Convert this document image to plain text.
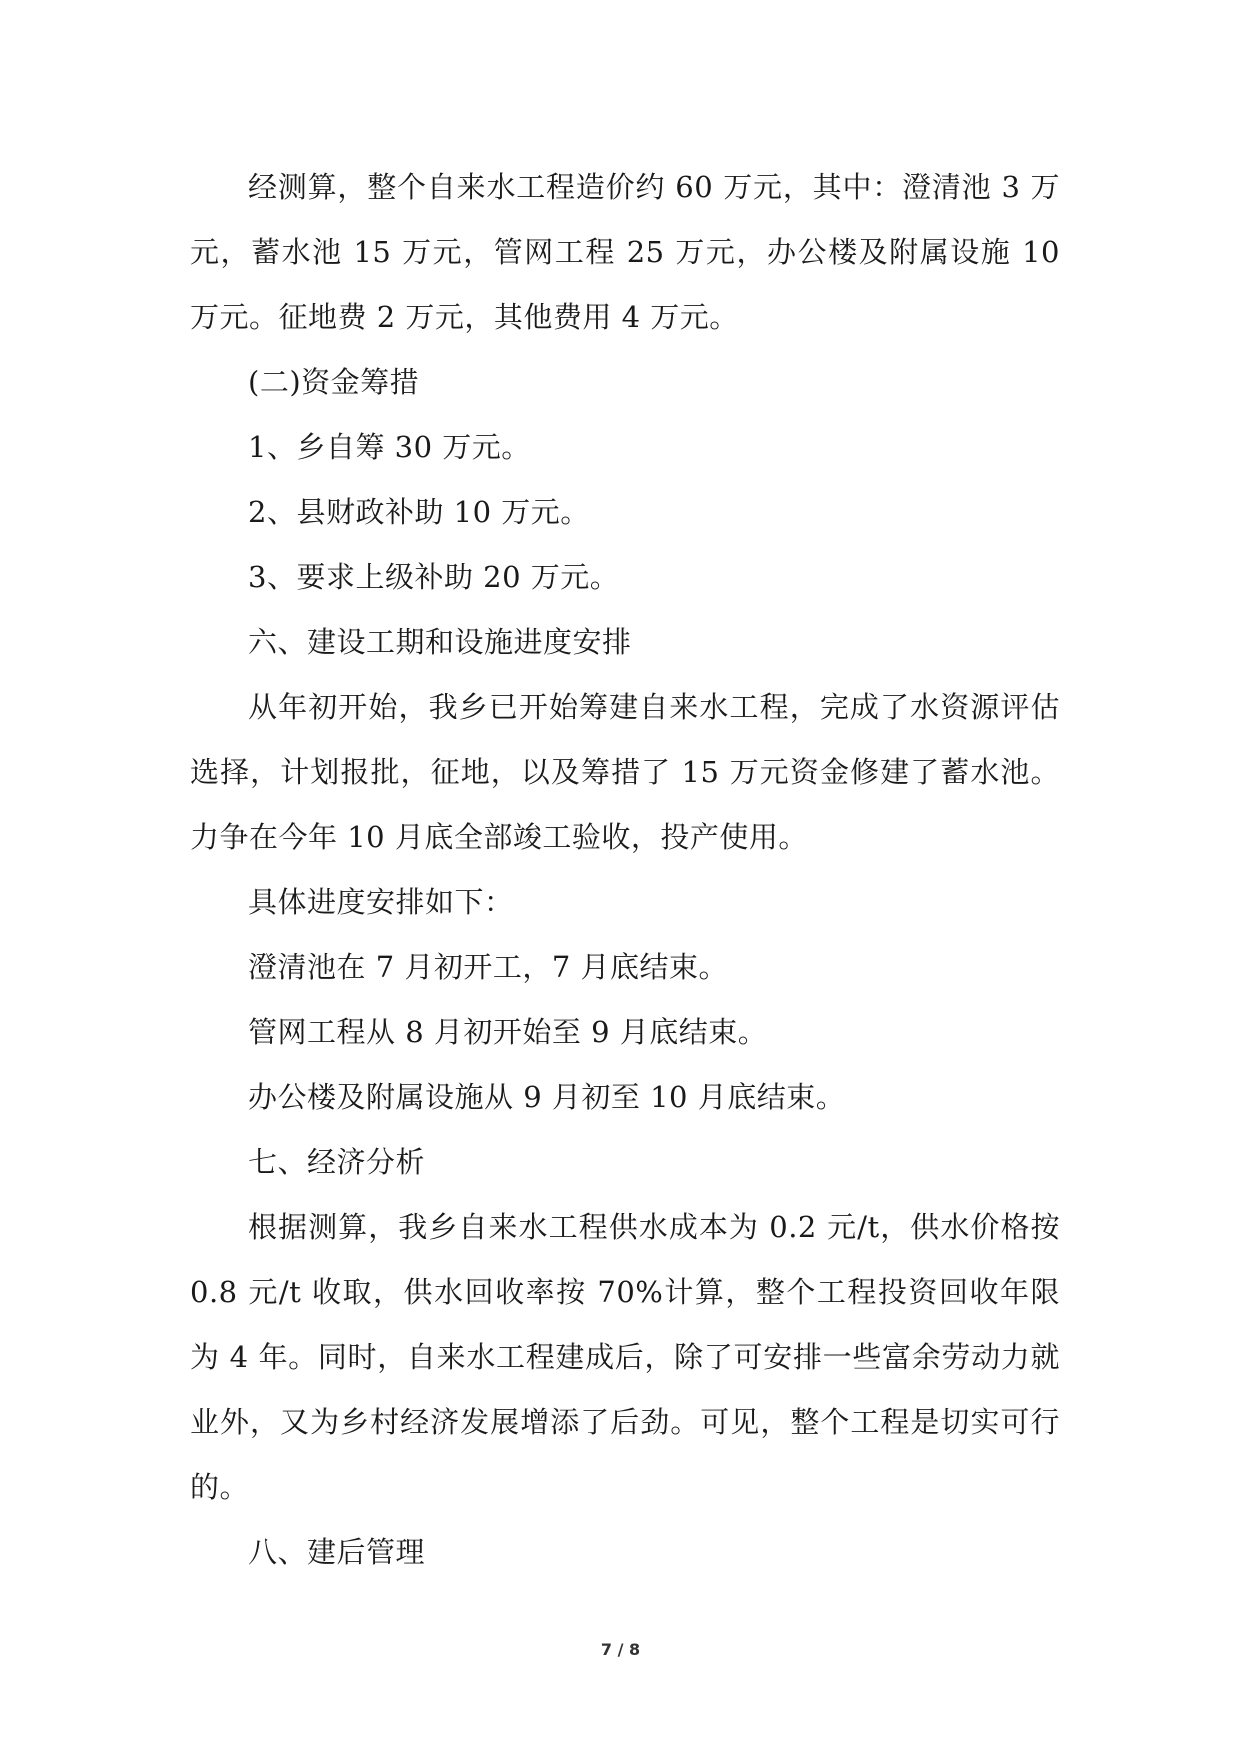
经测算，整个自来水工程造价约 60 万元，其中：澄清池 3 万元，蓄水池 15 万元，管网工程 25 万元，办公楼及附属设施 10 万元。征地费 2 万元，其他费用 4 万元。

(二)资金筹措

1、乡自筹 30 万元。

2、县财政补助 10 万元。

3、要求上级补助 20 万元。

六、建设工期和设施进度安排

从年初开始，我乡已开始筹建自来水工程，完成了水资源评估选择，计划报批，征地，以及筹措了 15 万元资金修建了蓄水池。力争在今年 10 月底全部竣工验收，投产使用。

具体进度安排如下：

澄清池在 7 月初开工，7 月底结束。

管网工程从 8 月初开始至 9 月底结束。

办公楼及附属设施从 9 月初至 10 月底结束。

七、经济分析

根据测算，我乡自来水工程供水成本为 0.2 元/t，供水价格按 0.8 元/t 收取，供水回收率按 70%计算，整个工程投资回收年限为 4 年。同时，自来水工程建成后，除了可安排一些富余劳动力就业外，又为乡村经济发展增添了后劲。可见，整个工程是切实可行的。

八、建后管理

7 / 8
